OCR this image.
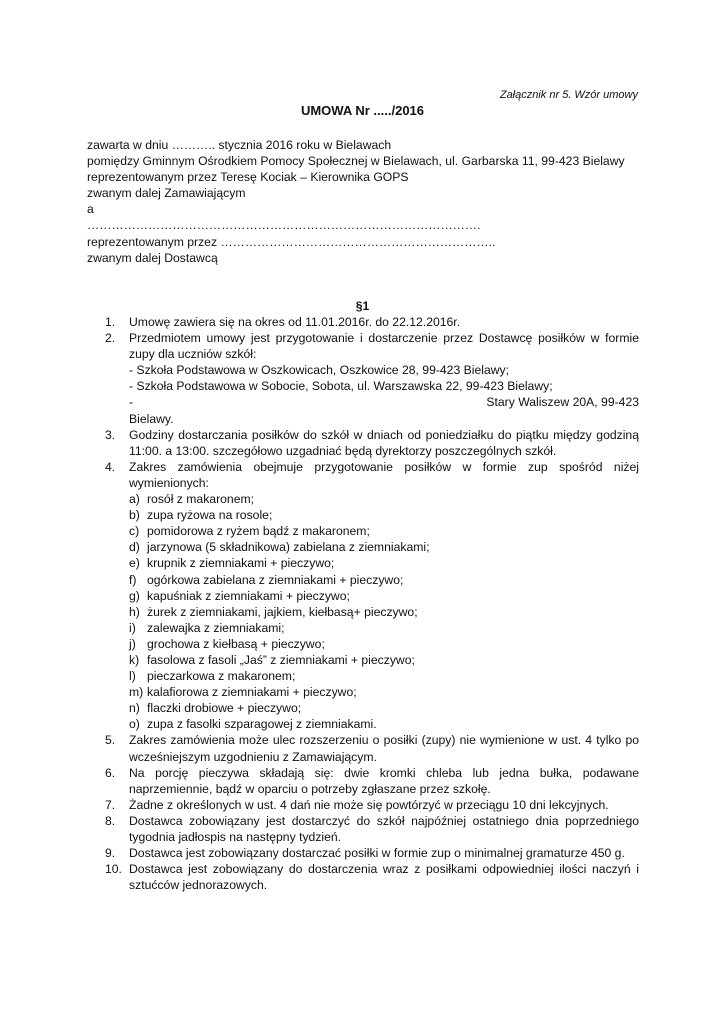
Załącznik nr 5. Wzór umowy
UMOWA Nr ...../2016
zawarta w dniu ……….. stycznia 2016 roku w Bielawach
pomiędzy Gminnym Ośrodkiem Pomocy Społecznej w Bielawach, ul. Garbarska 11, 99-423 Bielawy
reprezentowanym przez Teresę Kociak – Kierownika GOPS
zwanym dalej Zamawiającym
a
…………………………………………………………………………………….
reprezentowanym przez …………………………………………………………..
zwanym dalej Dostawcą
§1
1.	Umowę zawiera się na okres od 11.01.2016r. do 22.12.2016r.
2.	Przedmiotem umowy jest przygotowanie i dostarczenie przez Dostawcę posiłków w formie zupy dla uczniów szkół:
- Szkoła Podstawowa w Oszkowicach, Oszkowice 28, 99-423 Bielawy;
- Szkoła Podstawowa w Sobocie, Sobota, ul. Warszawska 22, 99-423 Bielawy;
-	Stary Waliszew 20A, 99-423
Bielawy.
3.	Godziny dostarczania posiłków do szkół w dniach od poniedziałku do piątku między godziną 11:00. a 13:00. szczegółowo uzgadniać będą dyrektorzy poszczególnych szkół.
4.	Zakres zamówienia obejmuje przygotowanie posiłków w formie zup spośród niżej wymienionych:
a) rosół z makaronem;
b) zupa ryżowa na rosole;
c) pomidorowa z ryżem bądź z makaronem;
d) jarzynowa (5 składnikowa) zabielana z ziemniakami;
e) krupnik z ziemniakami + pieczywo;
f) ogórkowa zabielana z ziemniakami + pieczywo;
g) kapuśniak z ziemniakami + pieczywo;
h) żurek z ziemniakami, jajkiem, kiełbasą+ pieczywo;
i) zalewajka z ziemniakami;
j) grochowa z kiełbasą + pieczywo;
k) fasolowa z fasoli „Jaś” z ziemniakami + pieczywo;
l) pieczarkowa z makaronem;
m) kalafiorowa z ziemniakami + pieczywo;
n) flaczki drobiowe + pieczywo;
o) zupa z fasolki szparagowej z ziemniakami.
5.	Zakres zamówienia może ulec rozszerzeniu o posiłki (zupy) nie wymienione w ust. 4 tylko po wcześniejszym uzgodnieniu z Zamawiającym.
6.	Na porcję pieczywa składają się: dwie kromki chleba lub jedna bułka, podawane naprzemiennie, bądź w oparciu o potrzeby zgłaszane przez szkołę.
7.	Żadne z określonych w ust. 4 dań nie może się powtórzyć w przeciągu 10 dni lekcyjnych.
8.	Dostawca zobowiązany jest dostarczyć do szkół najpóźniej ostatniego dnia poprzedniego tygodnia jadłospis na następny tydzień.
9.	Dostawca jest zobowiązany dostarczać posiłki w formie zup o minimalnej gramaturze 450 g.
10. Dostawca jest zobowiązany do dostarczenia wraz z posiłkami odpowiedniej ilości naczyń i sztućców jednorazowych.
